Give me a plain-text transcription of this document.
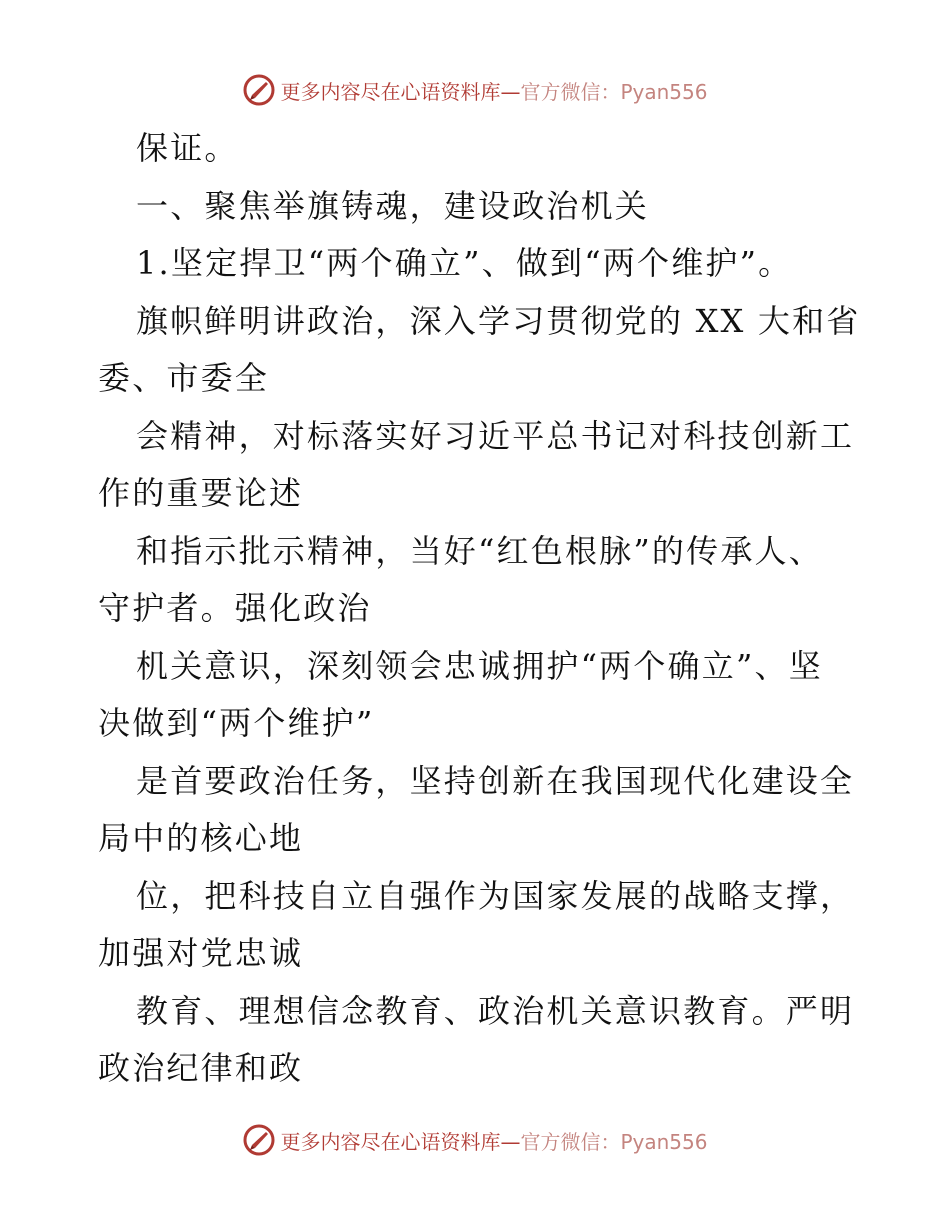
更多内容尽在心语资料库—官方微信：Pyan556
保证。
一、聚焦举旗铸魂，建设政治机关
1.坚定捍卫“两个确立”、做到“两个维护”。
旗帜鲜明讲政治，深入学习贯彻党的 XX 大和省
委、市委全
会精神，对标落实好习近平总书记对科技创新工
作的重要论述
和指示批示精神，当好“红色根脉”的传承人、
守护者。强化政治
机关意识，深刻领会忠诚拥护“两个确立”、坚
决做到“两个维护”
是首要政治任务，坚持创新在我国现代化建设全
局中的核心地
位，把科技自立自强作为国家发展的战略支撑，
加强对党忠诚
教育、理想信念教育、政治机关意识教育。严明
政治纪律和政
更多内容尽在心语资料库—官方微信：Pyan556
